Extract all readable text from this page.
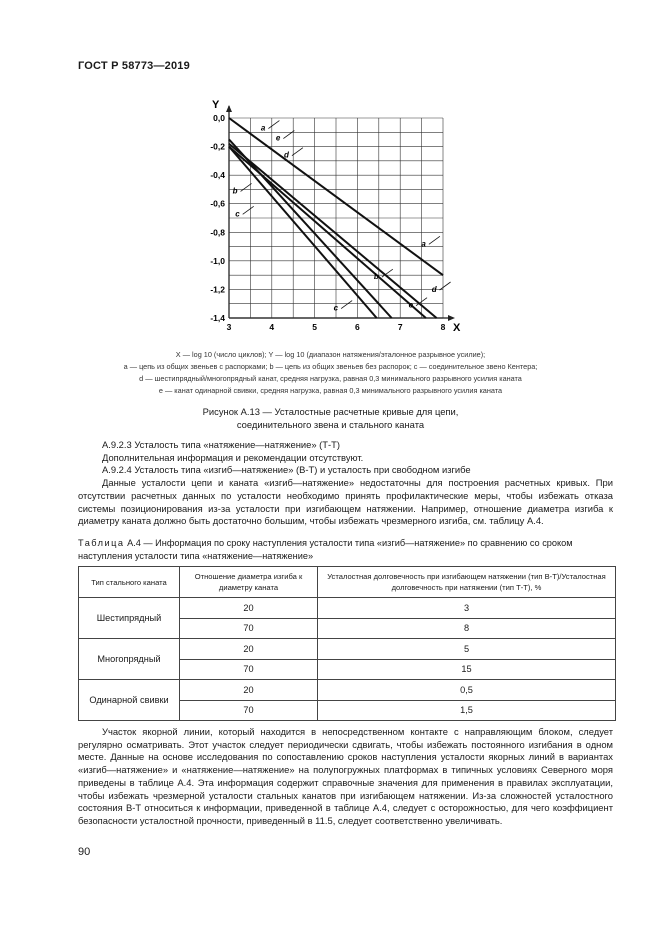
ГОСТ Р 58773—2019
3	4	5	6	7	8
0,0
-0,2
-0,4
-0,6
-0,8
-1,0
-1,2
-1,4
a
e
d
b
c
a
b
d
e
c
X
Y
X — log 10 (число циклов); Y — log 10 (диапазон натяжения/эталонное разрывное усилие);
a — цепь из общих звеньев с распорками; b — цепь из общих звеньев без распорок; c — соединительное звено Кентера;
d — шестипрядный/многопрядный канат, средняя нагрузка, равная 0,3 минимального разрывного усилия каната
e — канат одинарной свивки, средняя нагрузка, равная 0,3 минимального разрывного усилия каната
Рисунок А.13 — Усталостные расчетные кривые для цепи,
соединительного звена и стального каната

А.9.2.3 Усталость типа «натяжение—натяжение» (Т-Т)

Дополнительная информация и рекомендации отсутствуют.

А.9.2.4 Усталость типа «изгиб—натяжение» (В-Т) и усталость при свободном изгибе

Данные усталости цепи и каната «изгиб—натяжение» недостаточны для построения расчетных кривых. При отсутствии расчетных данных по усталости необходимо принять профилактические меры, чтобы избежать отказа системы позиционирования из-за усталости при изгибающем натяжении. Например, отношение диаметра изгиба к диаметру каната должно быть достаточно большим, чтобы избежать чрезмерного изгиба, см. таблицу А.4.

Таблица А.4 — Информация по сроку наступления усталости типа «изгиб—натяжение» по сравнению со сроком наступления усталости типа «натяжение—натяжение»
Тип стального каната	Отношение диаметра изгиба к диаметру каната	Усталостная долговечность при изгибающем натяжении (тип В-Т)/Усталостная долговечность при натяжении (тип Т-Т), %
Шестипрядный	20	3
	70	8
Многопрядный	20	5
	70	15
Одинарной свивки	20	0,5
	70	1,5

Участок якорной линии, который находится в непосредственном контакте с направляющим блоком, следует регулярно осматривать. Этот участок следует периодически сдвигать, чтобы избежать постоянного изгибания в одном месте. Данные на основе исследования по сопоставлению сроков наступления усталости якорных линий в вариантах «изгиб—натяжение» и «натяжение—натяжение» на полупогружных платформах в типичных условиях Северного моря приведены в таблице А.4. Эта информация содержит справочные значения для применения в правилах эксплуатации, чтобы избежать чрезмерной усталости стальных канатов при изгибающем натяжении. Из-за сложностей усталостного состояния В-Т относиться к информации, приведенной в таблице А.4, следует с осторожностью, для чего коэффициент безопасности усталостной прочности, приведенный в 11.5, следует соответственно увеличивать.

90
